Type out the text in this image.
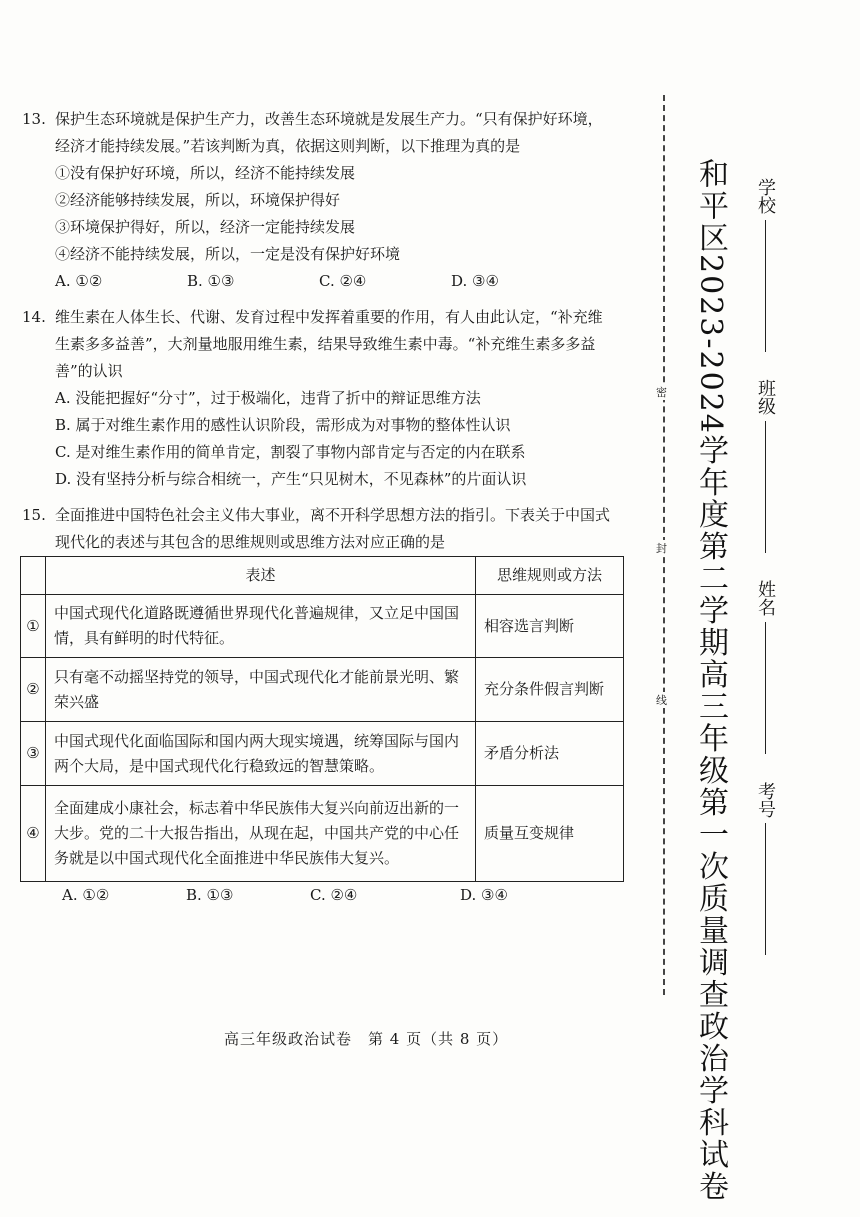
13. 保护生态环境就是保护生产力，改善生态环境就是发展生产力。“只有保护好环境，
经济才能持续发展。”若该判断为真，依据这则判断，以下推理为真的是
①没有保护好环境，所以，经济不能持续发展
②经济能够持续发展，所以，环境保护得好
③环境保护得好，所以，经济一定能持续发展
④经济不能持续发展，所以，一定是没有保护好环境
A. ①②	B. ①③	C. ②④	D. ③④
14. 维生素在人体生长、代谢、发育过程中发挥着重要的作用，有人由此认定，“补充维
生素多多益善”，大剂量地服用维生素，结果导致维生素中毒。“补充维生素多多益
善”的认识
A. 没能把握好“分寸”，过于极端化，违背了折中的辩证思维方法
B. 属于对维生素作用的感性认识阶段，需形成为对事物的整体性认识
C. 是对维生素作用的简单肯定，割裂了事物内部肯定与否定的内在联系
D. 没有坚持分析与综合相统一，产生“只见树木，不见森林”的片面认识
15. 全面推进中国特色社会主义伟大事业，离不开科学思想方法的指引。下表关于中国式
现代化的表述与其包含的思维规则或思维方法对应正确的是
	表述	思维规则或方法
①	中国式现代化道路既遵循世界现代化普遍规律，又立足中国国情，具有鲜明的时代特征。	相容选言判断
②	只有毫不动摇坚持党的领导，中国式现代化才能前景光明、繁荣兴盛	充分条件假言判断
③	中国式现代化面临国际和国内两大现实境遇，统筹国际与国内两个大局，是中国式现代化行稳致远的智慧策略。	矛盾分析法
④	全面建成小康社会，标志着中华民族伟大复兴向前迈出新的一大步。党的二十大报告指出，从现在起，中国共产党的中心任务就是以中国式现代化全面推进中华民族伟大复兴。	质量互变规律
A. ①②	B. ①③	C. ②④	D. ③④
高三年级政治试卷　第 4 页（共 8 页）
密
封
线 和平区2023-2024学年度第二学期高三年级第一次质量调查政治学科试卷 学校   班级   姓名   考号
